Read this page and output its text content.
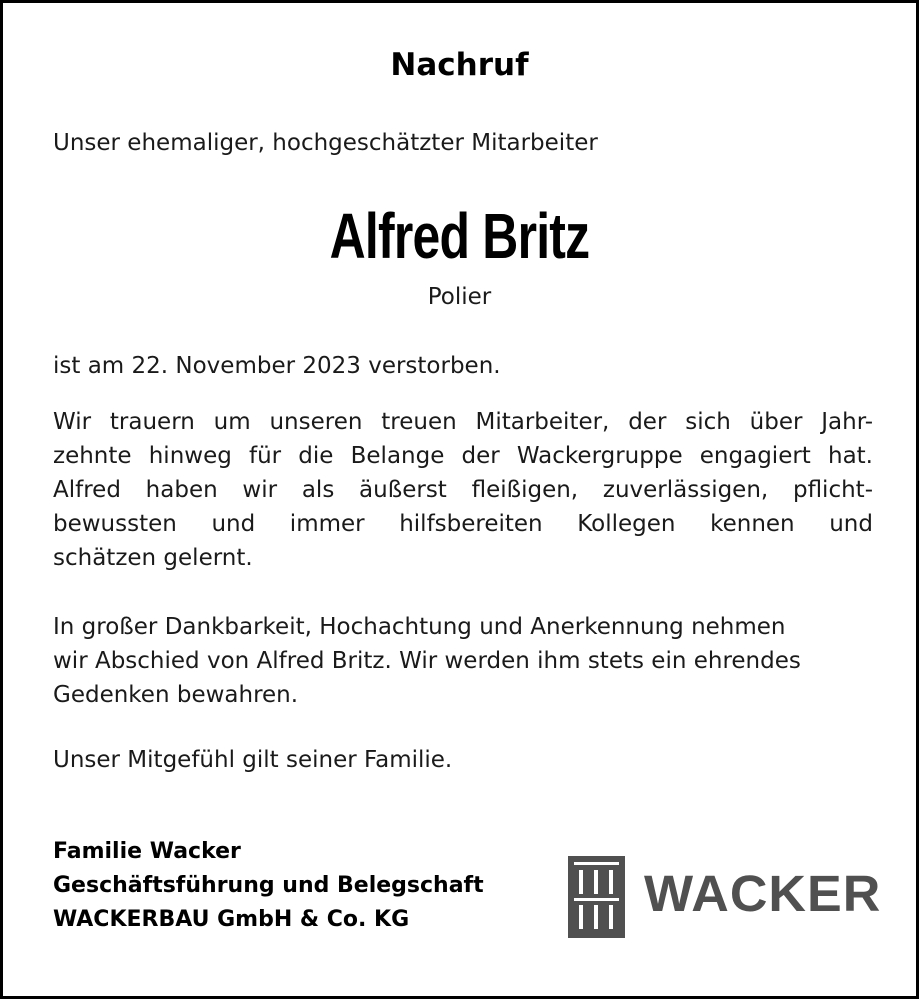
Nachruf
Unser ehemaliger, hochgeschätzter Mitarbeiter
Alfred Britz
Polier
ist am 22. November 2023 verstorben.
Wir trauern um unseren treuen Mitarbeiter, der sich über Jahr-
zehnte hinweg für die Belange der Wackergruppe engagiert hat.
Alfred haben wir als äußerst fleißigen, zuverlässigen, pflicht-
bewussten und immer hilfsbereiten Kollegen kennen und
schätzen gelernt.
In großer Dankbarkeit, Hochachtung und Anerkennung nehmen
wir Abschied von Alfred Britz. Wir werden ihm stets ein ehrendes
Gedenken bewahren.
Unser Mitgefühl gilt seiner Familie.
Familie Wacker
Geschäftsführung und Belegschaft
WACKERBAU GmbH & Co. KG	WACKER
